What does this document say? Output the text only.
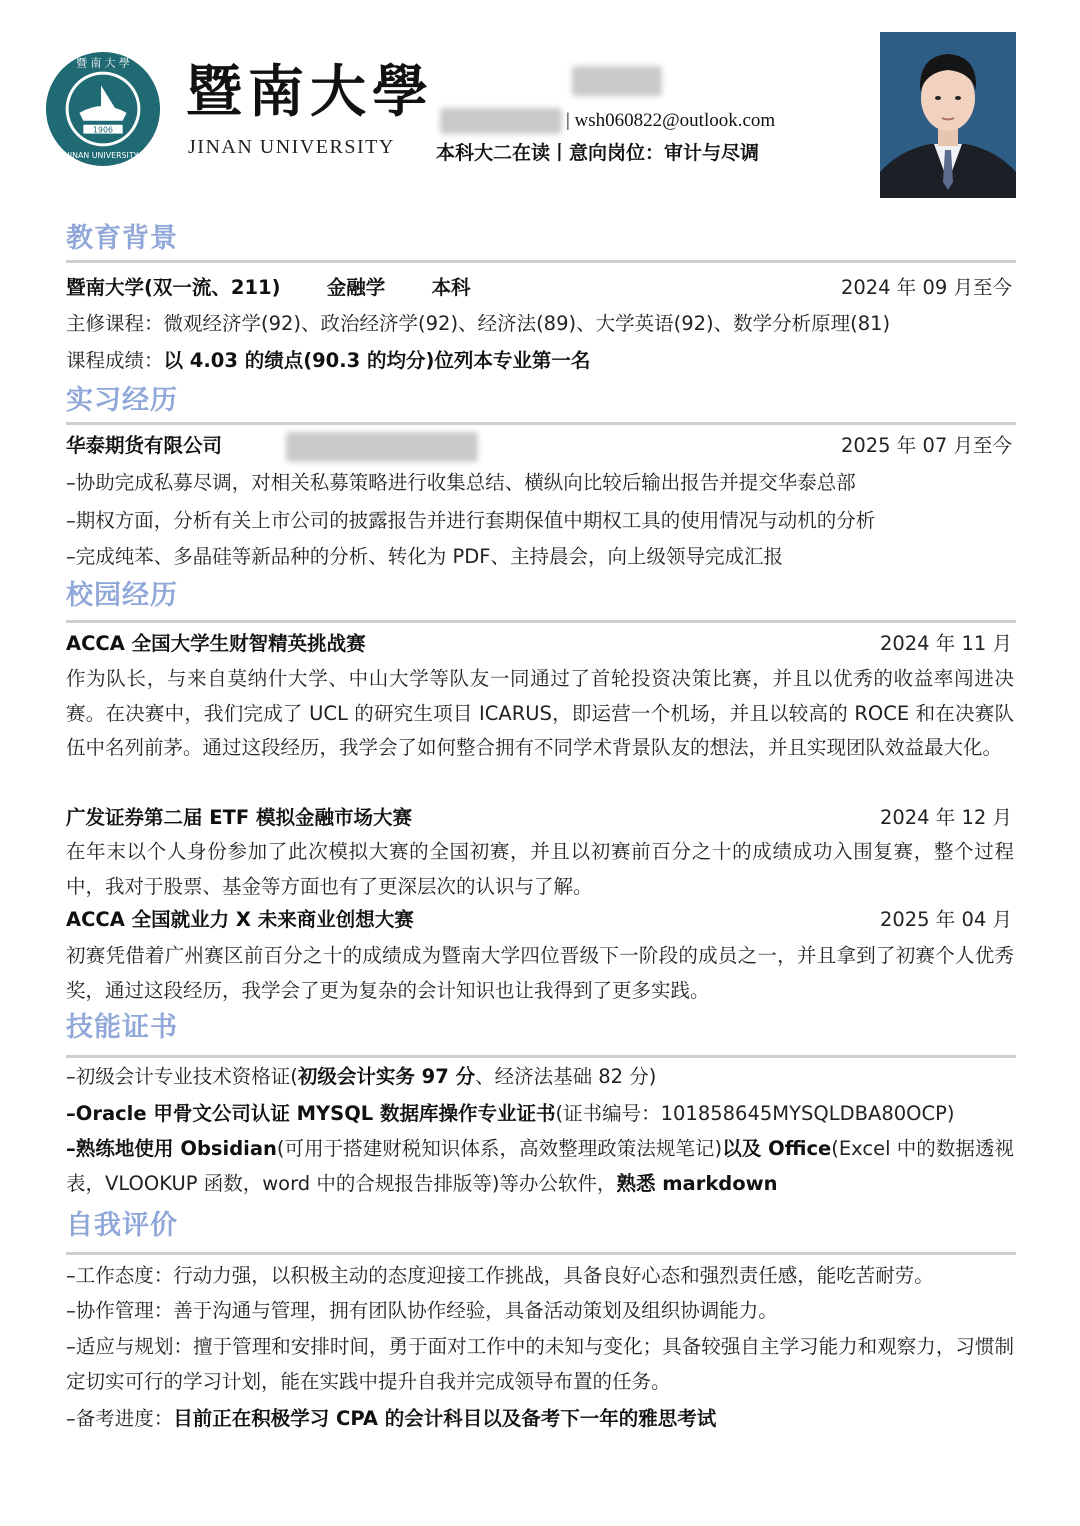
1906
暨 南 大 學
JINAN UNIVERSITY
暨南大學
JINAN UNIVERSITY
| wsh060822@outlook.com
本科大二在读丨意向岗位：审计与尽调
教育背景
暨南大学(双一流、211) 金融学 本科	2024 年 09 月至今
主修课程：微观经济学(92)、政治经济学(92)、经济法(89)、大学英语(92)、数学分析原理(81)
课程成绩：以 4.03 的绩点(90.3 的均分)位列本专业第一名
实习经历
华泰期货有限公司	2025 年 07 月至今
–协助完成私募尽调，对相关私募策略进行收集总结、横纵向比较后输出报告并提交华泰总部
–期权方面，分析有关上市公司的披露报告并进行套期保值中期权工具的使用情况与动机的分析
–完成纯苯、多晶硅等新品种的分析、转化为 PDF、主持晨会，向上级领导完成汇报
校园经历
ACCA 全国大学生财智精英挑战赛	2024 年 11 月
作为队长，与来自莫纳什大学、中山大学等队友一同通过了首轮投资决策比赛，并且以优秀的收益率闯进决赛。在决赛中，我们完成了 UCL 的研究生项目 ICARUS，即运营一个机场，并且以较高的 ROCE 和在决赛队伍中名列前茅。通过这段经历，我学会了如何整合拥有不同学术背景队友的想法，并且实现团队效益最大化。
广发证券第二届 ETF 模拟金融市场大赛	2024 年 12 月
在年末以个人身份参加了此次模拟大赛的全国初赛，并且以初赛前百分之十的成绩成功入围复赛，整个过程中，我对于股票、基金等方面也有了更深层次的认识与了解。
ACCA 全国就业力 X 未来商业创想大赛	2025 年 04 月
初赛凭借着广州赛区前百分之十的成绩成为暨南大学四位晋级下一阶段的成员之一，并且拿到了初赛个人优秀奖，通过这段经历，我学会了更为复杂的会计知识也让我得到了更多实践。
技能证书
–初级会计专业技术资格证(初级会计实务 97 分、经济法基础 82 分)
–Oracle 甲骨文公司认证 MYSQL 数据库操作专业证书(证书编号：101858645MYSQLDBA80OCP)
–熟练地使用 Obsidian(可用于搭建财税知识体系，高效整理政策法规笔记)以及 Office(Excel 中的数据透视表，VLOOKUP 函数，word 中的合规报告排版等)等办公软件，熟悉 markdown
自我评价
–工作态度：行动力强，以积极主动的态度迎接工作挑战，具备良好心态和强烈责任感，能吃苦耐劳。
–协作管理：善于沟通与管理，拥有团队协作经验，具备活动策划及组织协调能力。
–适应与规划：擅于管理和安排时间，勇于面对工作中的未知与变化；具备较强自主学习能力和观察力，习惯制定切实可行的学习计划，能在实践中提升自我并完成领导布置的任务。
–备考进度：目前正在积极学习 CPA 的会计科目以及备考下一年的雅思考试
